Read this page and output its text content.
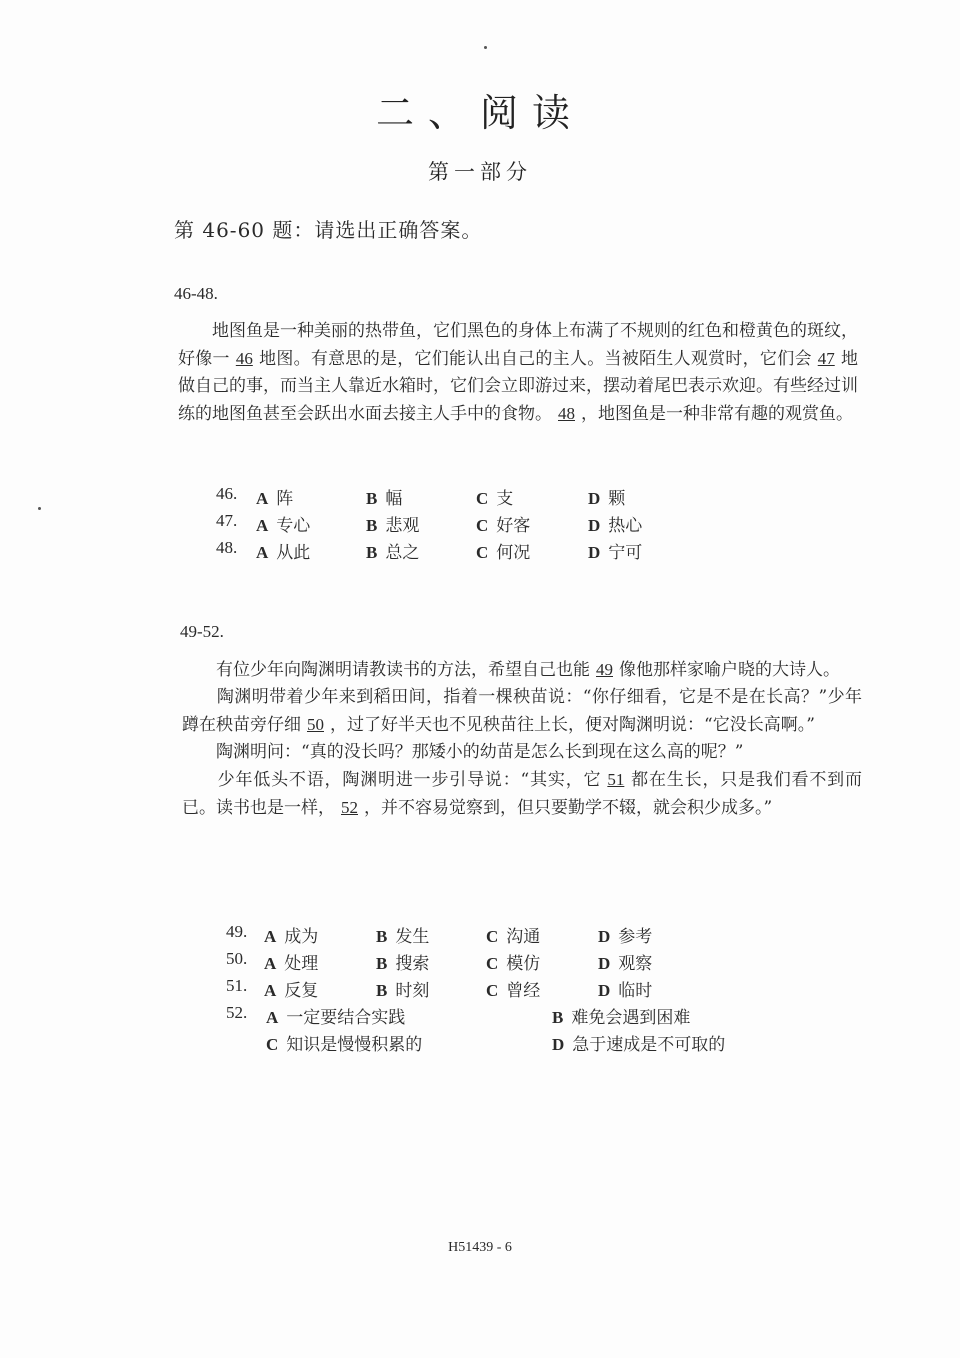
二、阅读
第一部分
第 46-60 题：请选出正确答案。
46-48.
　　地图鱼是一种美丽的热带鱼，它们黑色的身体上布满了不规则的红色和橙黄色的斑纹，好像一 46 地图。有意思的是，它们能认出自己的主人。当被陌生人观赏时，它们会 47 地做自己的事，而当主人靠近水箱时，它们会立即游过来，摆动着尾巴表示欢迎。有些经过训练的地图鱼甚至会跃出水面去接主人手中的食物。 48 ，地图鱼是一种非常有趣的观赏鱼。
46. A 阵	B 幅	C 支	D 颗
47. A 专心	B 悲观	C 好客	D 热心
48. A 从此	B 总之	C 何况	D 宁可
49-52.
　　有位少年向陶渊明请教读书的方法，希望自己也能 49 像他那样家喻户晓的大诗人。
　　陶渊明带着少年来到稻田间，指着一棵秧苗说：“你仔细看，它是不是在长高？”少年蹲在秧苗旁仔细 50 ，过了好半天也不见秧苗往上长，便对陶渊明说：“它没长高啊。”
　　陶渊明问：“真的没长吗？那矮小的幼苗是怎么长到现在这么高的呢？”
　　少年低头不语，陶渊明进一步引导说：“其实，它 51 都在生长，只是我们看不到而已。读书也是一样， 52 ，并不容易觉察到，但只要勤学不辍，就会积少成多。”
49. A 成为	B 发生	C 沟通	D 参考
50. A 处理	B 搜索	C 模仿	D 观察
51. A 反复	B 时刻	C 曾经	D 临时
52. A 一定要结合实践	B 难免会遇到困难
C 知识是慢慢积累的	D 急于速成是不可取的
H51439 - 6
